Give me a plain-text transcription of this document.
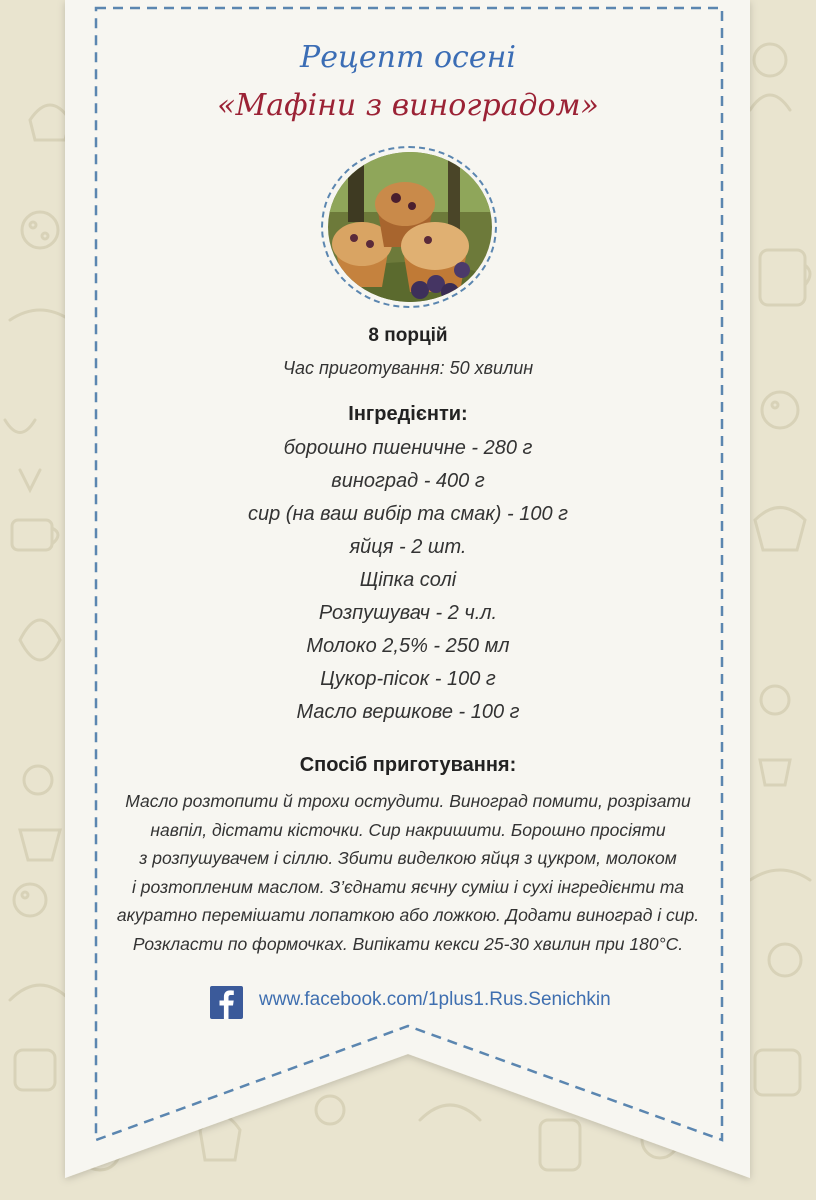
Рецепт осені
«Мафіни з виноградом»
8 порцій
Час приготування: 50 хвилин
Інгредієнти:
борошно пшеничне - 280 г
виноград - 400 г
сир (на ваш вибір та смак) - 100 г
яйця - 2 шт.
Щіпка солі
Розпушувач - 2 ч.л.
Молоко 2,5% - 250 мл
Цукор-пісок - 100 г
Масло вершкове - 100 г
Спосіб приготування:
Масло розтопити й трохи остудити. Виноград помити, розрізати
навпіл, дістати кісточки. Сир накришити. Борошно просіяти
з розпушувачем і сіллю. Збити виделкою яйця з цукром, молоком
і розтопленим маслом. З’єднати яєчну суміш і сухі інгредієнти та
акуратно перемішати лопаткою або ложкою. Додати виноград і сир.
Розкласти по формочках. Випікати кекси 25-30 хвилин при 180°С.
www.facebook.com/1plus1.Rus.Senichkin
